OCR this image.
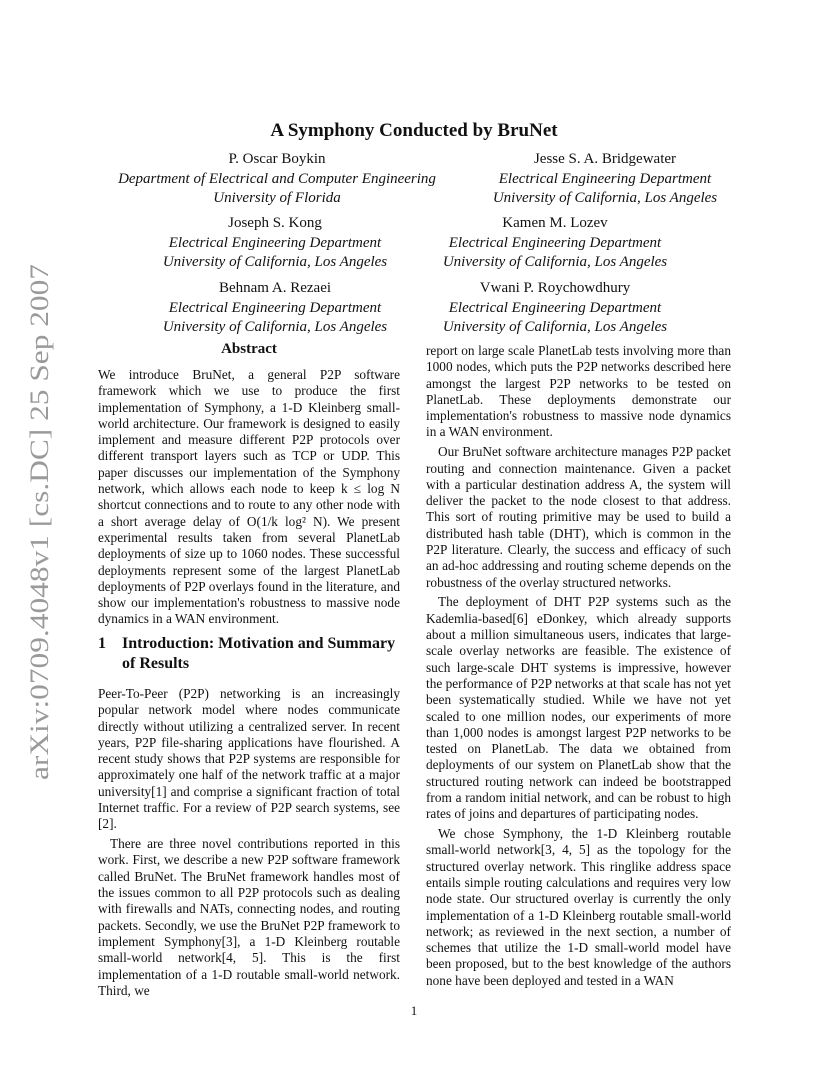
arXiv:0709.4048v1 [cs.DC] 25 Sep 2007
A Symphony Conducted by BruNet
P. Oscar Boykin
Department of Electrical and Computer Engineering
University of Florida
Jesse S. A. Bridgewater
Electrical Engineering Department
University of California, Los Angeles
Joseph S. Kong
Electrical Engineering Department
University of California, Los Angeles
Kamen M. Lozev
Electrical Engineering Department
University of California, Los Angeles
Behnam A. Rezaei
Electrical Engineering Department
University of California, Los Angeles
Vwani P. Roychowdhury
Electrical Engineering Department
University of California, Los Angeles
Abstract

We introduce BruNet, a general P2P software framework which we use to produce the first implementation of Symphony, a 1-D Kleinberg small-world architecture. Our framework is designed to easily implement and measure different P2P protocols over different transport layers such as TCP or UDP. This paper discusses our implementation of the Symphony network, which allows each node to keep k ≤ log N shortcut connections and to route to any other node with a short average delay of O(1/k log² N). We present experimental results taken from several PlanetLab deployments of size up to 1060 nodes. These successful deployments represent some of the largest PlanetLab deployments of P2P overlays found in the literature, and show our implementation's robustness to massive node dynamics in a WAN environment.

1 Introduction: Motivation and Summary of Results

Peer-To-Peer (P2P) networking is an increasingly popular network model where nodes communicate directly without utilizing a centralized server. In recent years, P2P file-sharing applications have flourished. A recent study shows that P2P systems are responsible for approximately one half of the network traffic at a major university[1] and comprise a significant fraction of total Internet traffic. For a review of P2P search systems, see [2].

There are three novel contributions reported in this work. First, we describe a new P2P software framework called BruNet. The BruNet framework handles most of the issues common to all P2P protocols such as dealing with firewalls and NATs, connecting nodes, and routing packets. Secondly, we use the BruNet P2P framework to implement Symphony[3], a 1-D Kleinberg routable small-world network[4, 5]. This is the first implementation of a 1-D routable small-world network. Third, we

report on large scale PlanetLab tests involving more than 1000 nodes, which puts the P2P networks described here amongst the largest P2P networks to be tested on PlanetLab. These deployments demonstrate our implementation's robustness to massive node dynamics in a WAN environment.

Our BruNet software architecture manages P2P packet routing and connection maintenance. Given a packet with a particular destination address A, the system will deliver the packet to the node closest to that address. This sort of routing primitive may be used to build a distributed hash table (DHT), which is common in the P2P literature. Clearly, the success and efficacy of such an ad-hoc addressing and routing scheme depends on the robustness of the overlay structured networks.

The deployment of DHT P2P systems such as the Kademlia-based[6] eDonkey, which already supports about a million simultaneous users, indicates that large-scale overlay networks are feasible. The existence of such large-scale DHT systems is impressive, however the performance of P2P networks at that scale has not yet been systematically studied. While we have not yet scaled to one million nodes, our experiments of more than 1,000 nodes is amongst largest P2P networks to be tested on PlanetLab. The data we obtained from deployments of our system on PlanetLab show that the structured routing network can indeed be bootstrapped from a random initial network, and can be robust to high rates of joins and departures of participating nodes.

We chose Symphony, the 1-D Kleinberg routable small-world network[3, 4, 5] as the topology for the structured overlay network. This ringlike address space entails simple routing calculations and requires very low node state. Our structured overlay is currently the only implementation of a 1-D Kleinberg routable small-world network; as reviewed in the next section, a number of schemes that utilize the 1-D small-world model have been proposed, but to the best knowledge of the authors none have been deployed and tested in a WAN

1
